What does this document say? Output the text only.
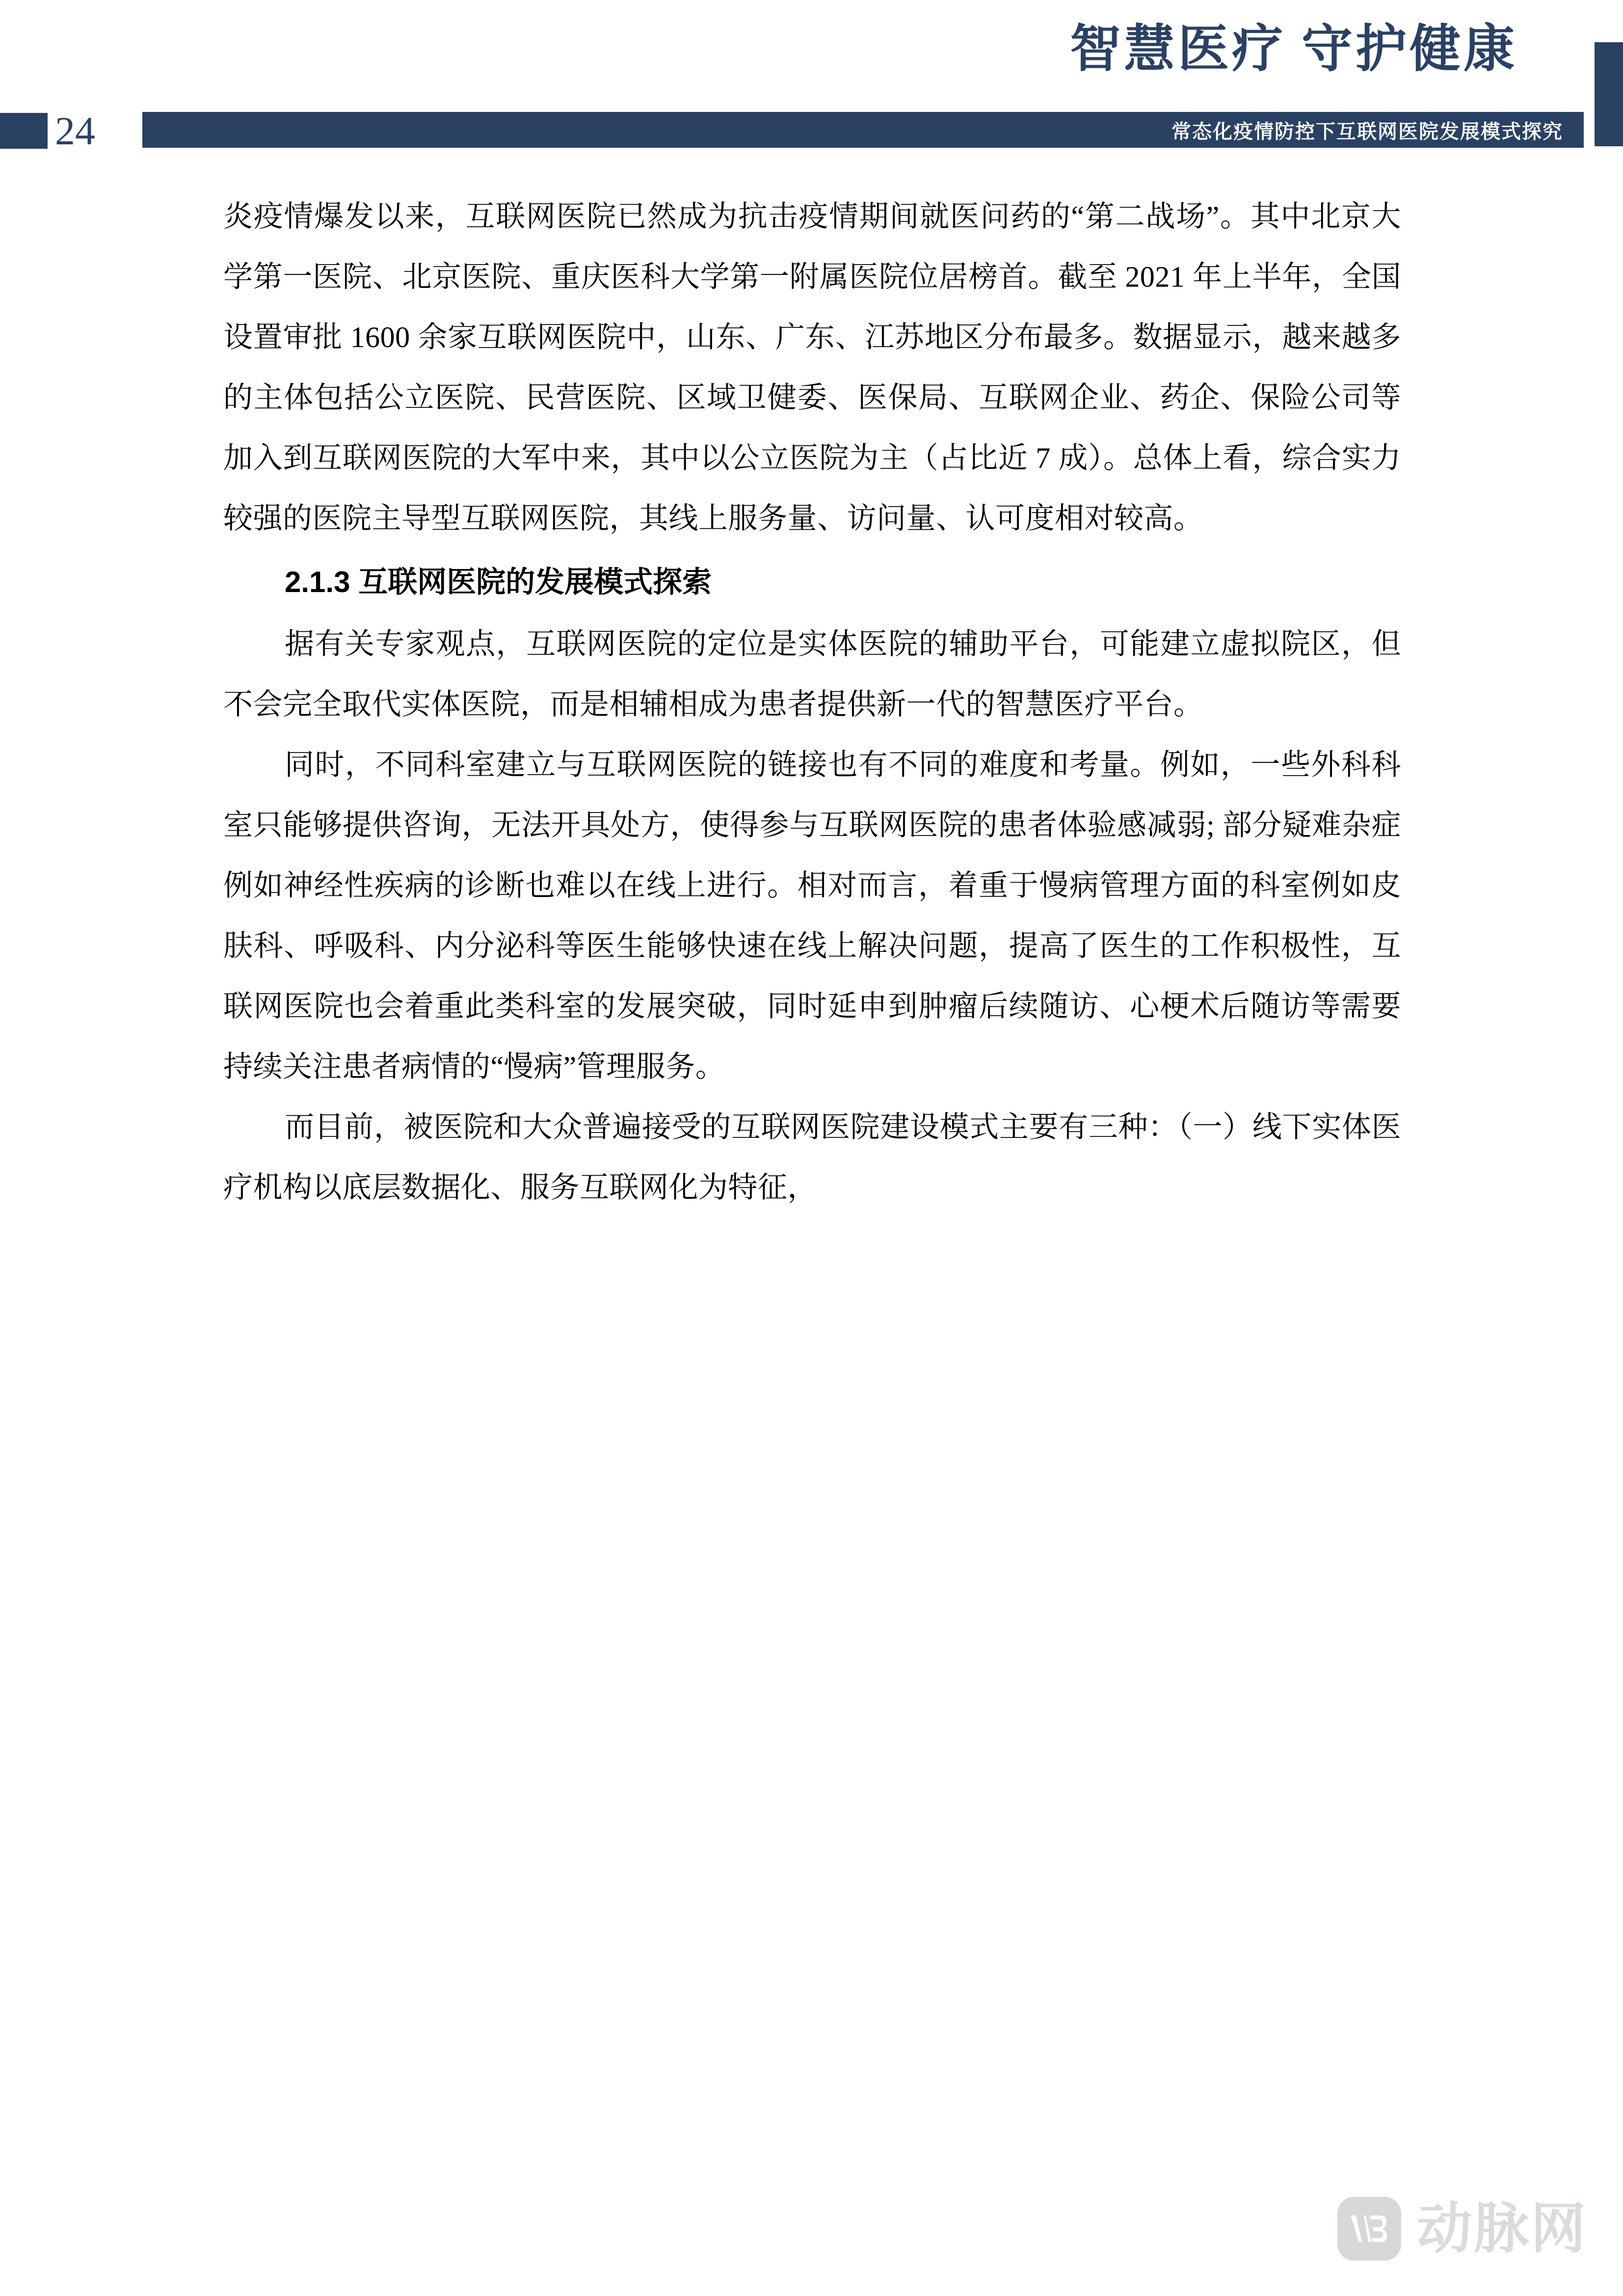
智慧医疗 守护健康
24	常态化疫情防控下互联网医院发展模式探究

炎疫情爆发以来，互联网医院已然成为抗击疫情期间就医问药的“第二战场”。其中北京大学第一医院、北京医院、重庆医科大学第一附属医院位居榜首。截至 2021 年上半年，全国设置审批 1600 余家互联网医院中，山东、广东、江苏地区分布最多。数据显示，越来越多的主体包括公立医院、民营医院、区域卫健委、医保局、互联网企业、药企、保险公司等加入到互联网医院的大军中来，其中以公立医院为主（占比近 7 成）。总体上看，综合实力较强的医院主导型互联网医院，其线上服务量、访问量、认可度相对较高。

2.1.3 互联网医院的发展模式探索

据有关专家观点，互联网医院的定位是实体医院的辅助平台，可能建立虚拟院区，但不会完全取代实体医院，而是相辅相成为患者提供新一代的智慧医疗平台。

同时，不同科室建立与互联网医院的链接也有不同的难度和考量。例如，一些外科科室只能够提供咨询，无法开具处方，使得参与互联网医院的患者体验感减弱; 部分疑难杂症例如神经性疾病的诊断也难以在线上进行。相对而言，着重于慢病管理方面的科室例如皮肤科、呼吸科、内分泌科等医生能够快速在线上解决问题，提高了医生的工作积极性，互联网医院也会着重此类科室的发展突破，同时延申到肿瘤后续随访、心梗术后随访等需要持续关注患者病情的“慢病”管理服务。

而目前，被医院和大众普遍接受的互联网医院建设模式主要有三种：（一）线下实体医疗机构以底层数据化、服务互联网化为特征，

动脉网
